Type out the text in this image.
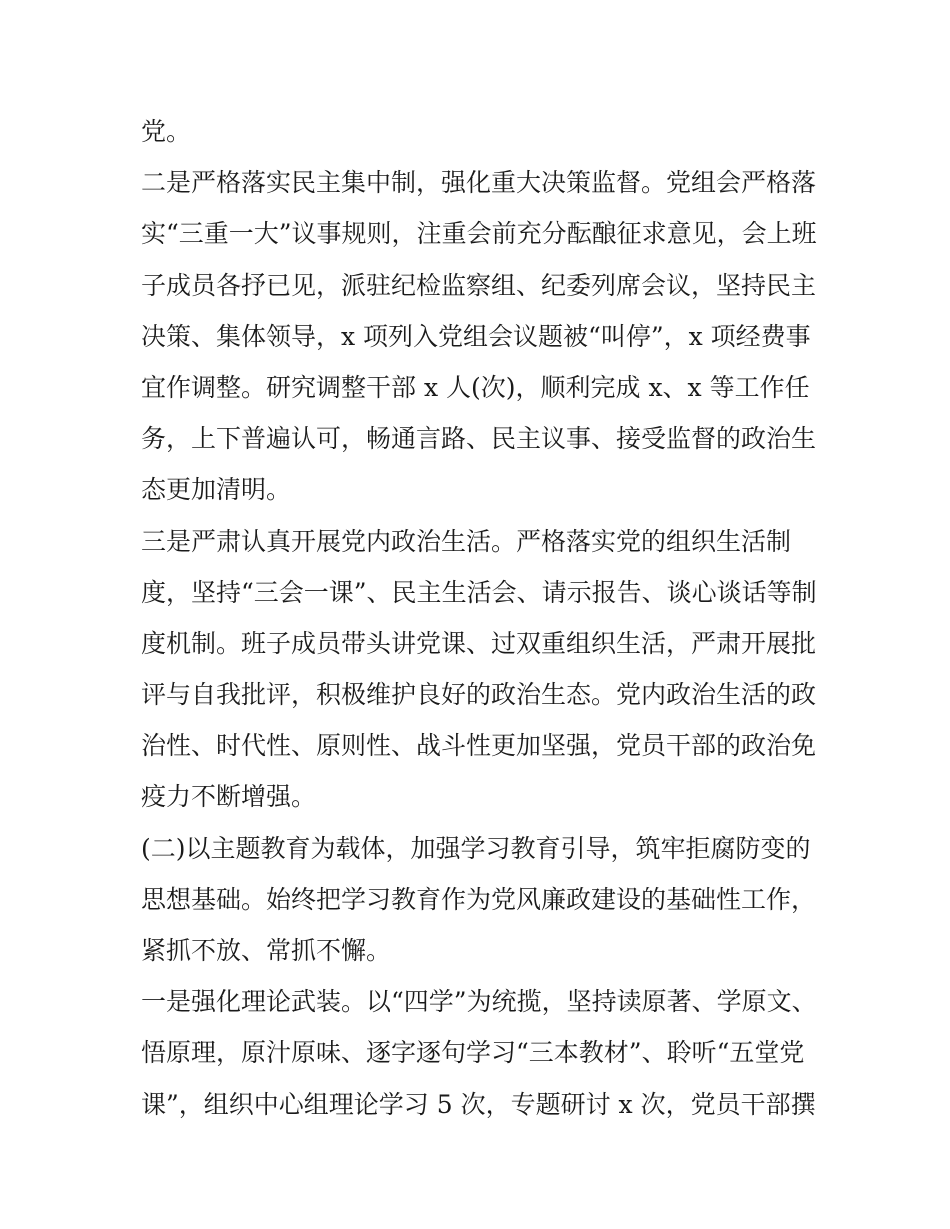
党。
二是严格落实民主集中制，强化重大决策监督。党组会严格落
实“三重一大”议事规则，注重会前充分酝酿征求意见，会上班
子成员各抒已见，派驻纪检监察组、纪委列席会议，坚持民主
决策、集体领导，x 项列入党组会议题被“叫停”，x 项经费事
宜作调整。研究调整干部 x 人(次)，顺利完成 x、x 等工作任
务，上下普遍认可，畅通言路、民主议事、接受监督的政治生
态更加清明。
三是严肃认真开展党内政治生活。严格落实党的组织生活制
度，坚持“三会一课”、民主生活会、请示报告、谈心谈话等制
度机制。班子成员带头讲党课、过双重组织生活，严肃开展批
评与自我批评，积极维护良好的政治生态。党内政治生活的政
治性、时代性、原则性、战斗性更加坚强，党员干部的政治免
疫力不断增强。
(二)以主题教育为载体，加强学习教育引导，筑牢拒腐防变的
思想基础。始终把学习教育作为党风廉政建设的基础性工作，
紧抓不放、常抓不懈。
一是强化理论武装。以“四学”为统揽，坚持读原著、学原文、
悟原理，原汁原味、逐字逐句学习“三本教材”、聆听“五堂党
课”，组织中心组理论学习 5 次，专题研讨 x 次，党员干部撰
